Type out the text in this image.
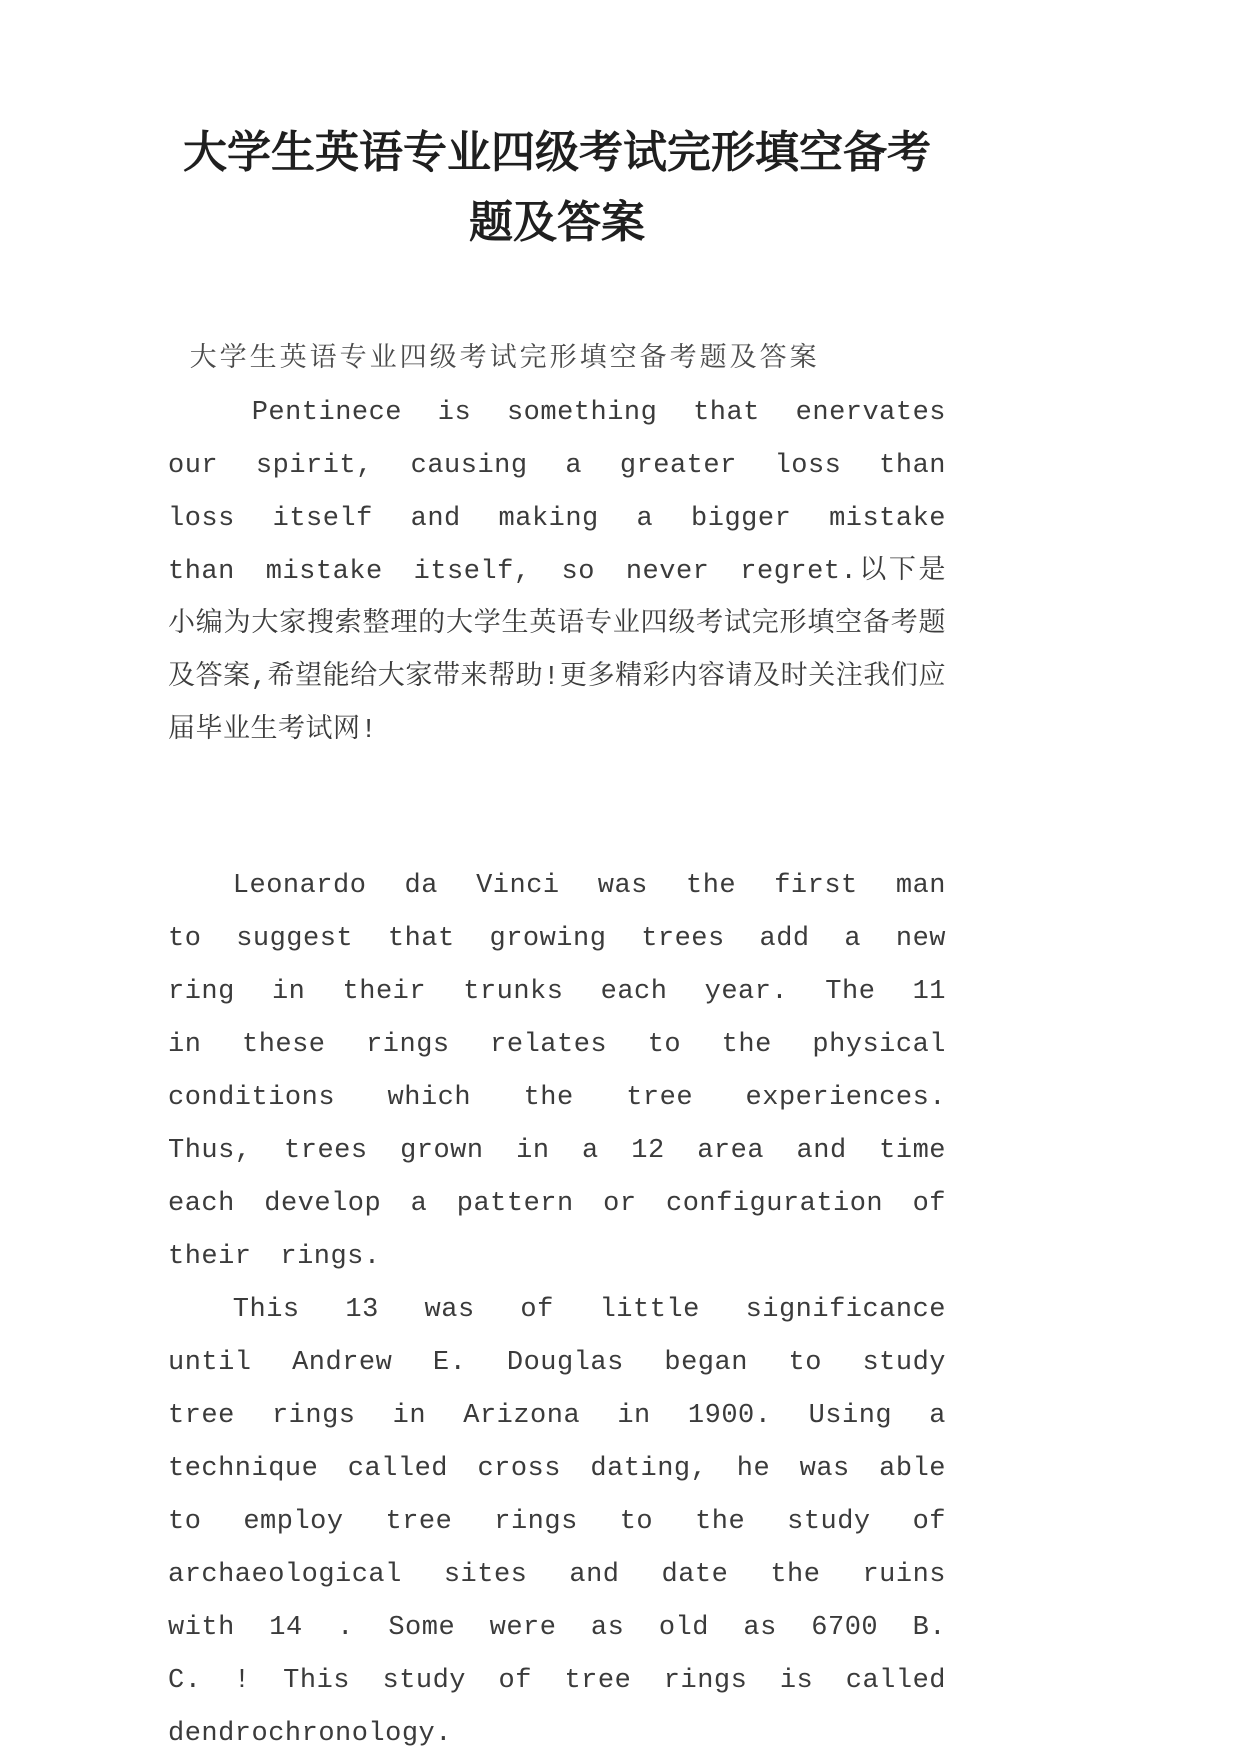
大学生英语专业四级考试完形填空备考题及答案

大学生英语专业四级考试完形填空备考题及答案

Pentinece is something that enervates our spirit, causing a greater loss than loss itself and making a bigger mistake than mistake itself, so never regret.以下是小编为大家搜索整理的大学生英语专业四级考试完形填空备考题及答案,希望能给大家带来帮助!更多精彩内容请及时关注我们应届毕业生考试网!

Leonardo da Vinci was the first man to suggest that growing trees add a new ring in their trunks each year. The 11 in these rings relates to the physical conditions which the tree experiences. Thus, trees grown in a 12 area and time each develop a pattern or configuration of their rings.

This 13 was of little significance until Andrew E. Douglas began to study tree rings in Arizona in 1900. Using a technique called cross dating, he was able to employ tree rings to the study of archaeological sites and date the ruins with 14 . Some were as old as 6700 B. C. ! This study of tree rings is called dendrochronology.
